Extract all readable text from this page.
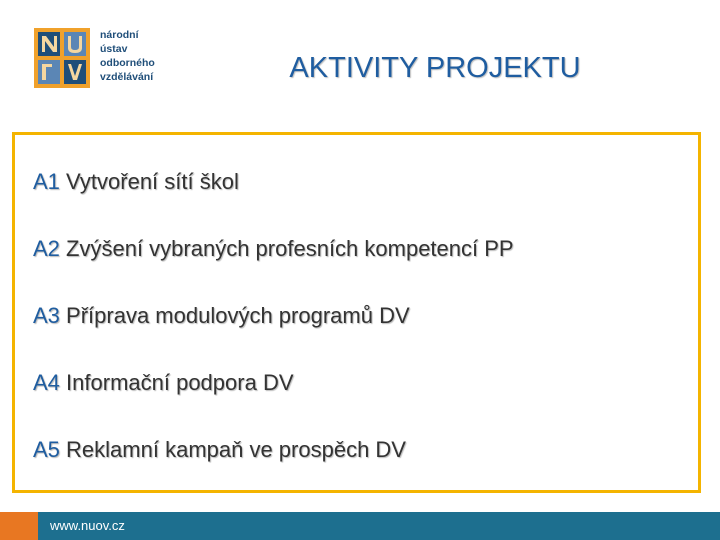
národní
ústav
odborného
vzdělávání	AKTIVITY PROJEKTU
A1 Vytvoření sítí škol
A2 Zvýšení vybraných profesních kompetencí PP
A3 Příprava modulových programů DV
A4 Informační podpora DV
A5 Reklamní kampaň ve prospěch DV
www.nuov.cz
